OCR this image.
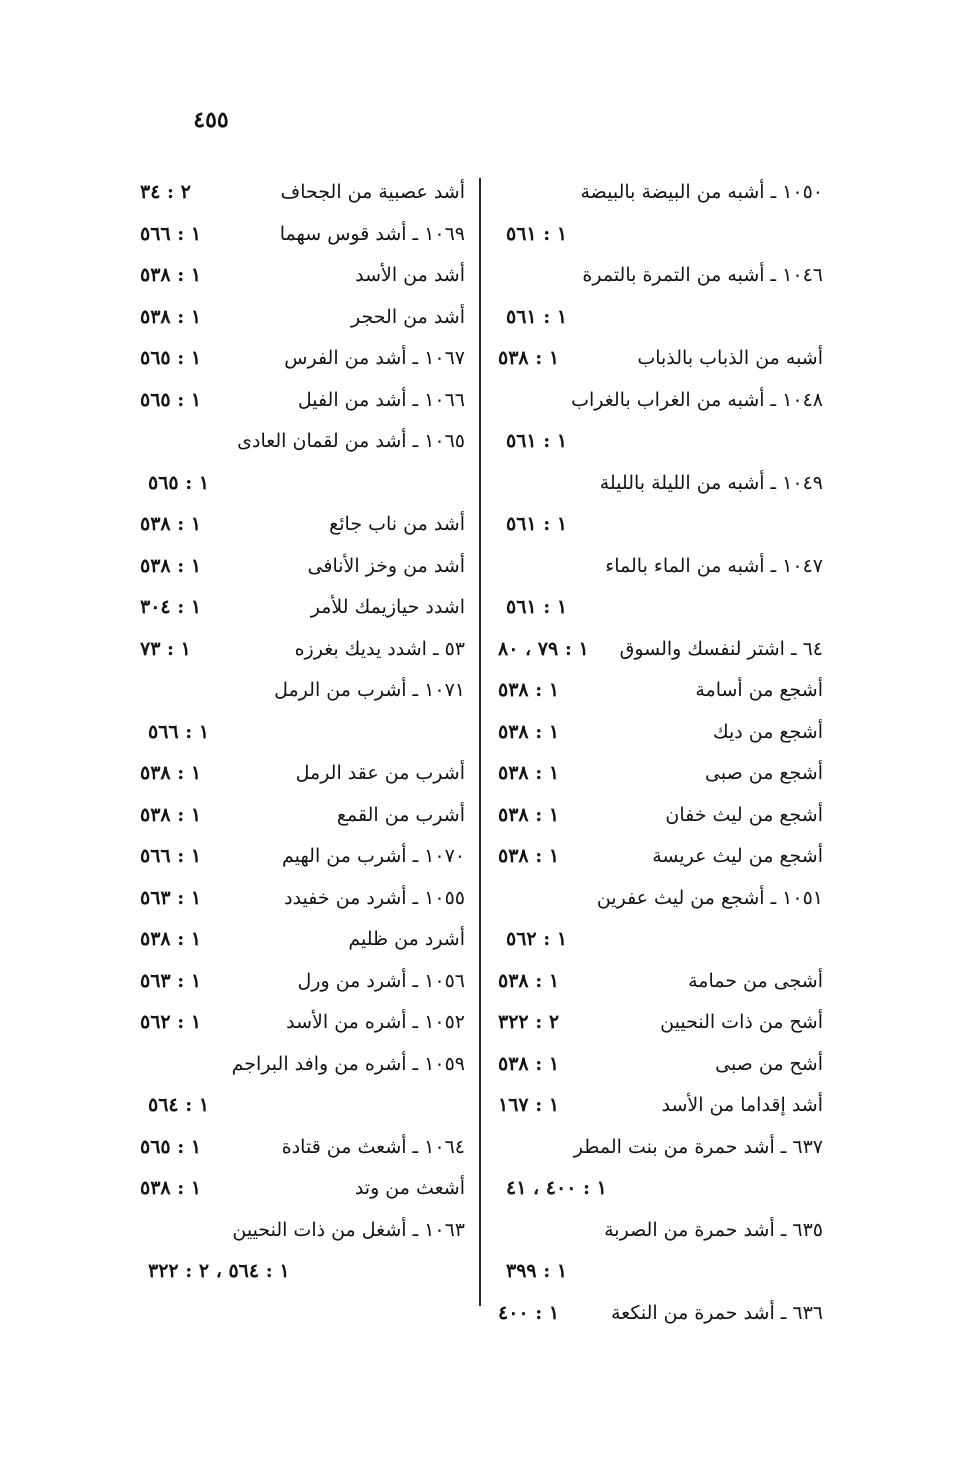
٤٥٥
١٠٥٠ ـ أشبه من البيضة بالبيضة
١ : ٥٦١
١٠٤٦ ـ أشبه من التمرة بالتمرة
١ : ٥٦١
أشبه من الذباب بالذباب
١ : ٥٣٨
١٠٤٨ ـ أشبه من الغراب بالغراب
١ : ٥٦١
١٠٤٩ ـ أشبه من الليلة بالليلة
١ : ٥٦١
١٠٤٧ ـ أشبه من الماء بالماء
١ : ٥٦١
٦٤ ـ اشتر لنفسك والسوق
١ : ٧٩ ، ٨٠
أشجع من أسامة
١ : ٥٣٨
أشجع من ديك
١ : ٥٣٨
أشجع من صبى
١ : ٥٣٨
أشجع من ليث خفان
١ : ٥٣٨
أشجع من ليث عريسة
١ : ٥٣٨
١٠٥١ ـ أشجع من ليث عفرين
١ : ٥٦٢
أشجى من حمامة
١ : ٥٣٨
أشح من ذات النحيين
٢ : ٣٢٢
أشح من صبى
١ : ٥٣٨
أشد إقداما من الأسد
١ : ١٦٧
٦٣٧ ـ أشد حمرة من بنت المطر
١ : ٤٠٠ ، ٤١
٦٣٥ ـ أشد حمرة من الصربة
١ : ٣٩٩
٦٣٦ ـ أشد حمرة من النكعة
١ : ٤٠٠
أشد عصبية من الجحاف
٢ : ٣٤
١٠٦٩ ـ أشد قوس سهما
١ : ٥٦٦
أشد من الأسد
١ : ٥٣٨
أشد من الحجر
١ : ٥٣٨
١٠٦٧ ـ أشد من الفرس
١ : ٥٦٥
١٠٦٦ ـ أشد من الفيل
١ : ٥٦٥
١٠٦٥ ـ أشد من لقمان العادى
١ : ٥٦٥
أشد من ناب جائع
١ : ٥٣٨
أشد من وخز الأنافى
١ : ٥٣٨
اشدد حيازيمك للأمر
١ : ٣٠٤
٥٣ ـ اشدد يديك بغرزه
١ : ٧٣
١٠٧١ ـ أشرب من الرمل
١ : ٥٦٦
أشرب من عقد الرمل
١ : ٥٣٨
أشرب من القمع
١ : ٥٣٨
١٠٧٠ ـ أشرب من الهيم
١ : ٥٦٦
١٠٥٥ ـ أشرد من خفيدد
١ : ٥٦٣
أشرد من ظليم
١ : ٥٣٨
١٠٥٦ ـ أشرد من ورل
١ : ٥٦٣
١٠٥٢ ـ أشره من الأسد
١ : ٥٦٢
١٠٥٩ ـ أشره من وافد البراجم
١ : ٥٦٤
١٠٦٤ ـ أشعث من قتادة
١ : ٥٦٥
أشعث من وتد
١ : ٥٣٨
١٠٦٣ ـ أشغل من ذات النحيين
١ : ٥٦٤ ، ٢ : ٣٢٢
